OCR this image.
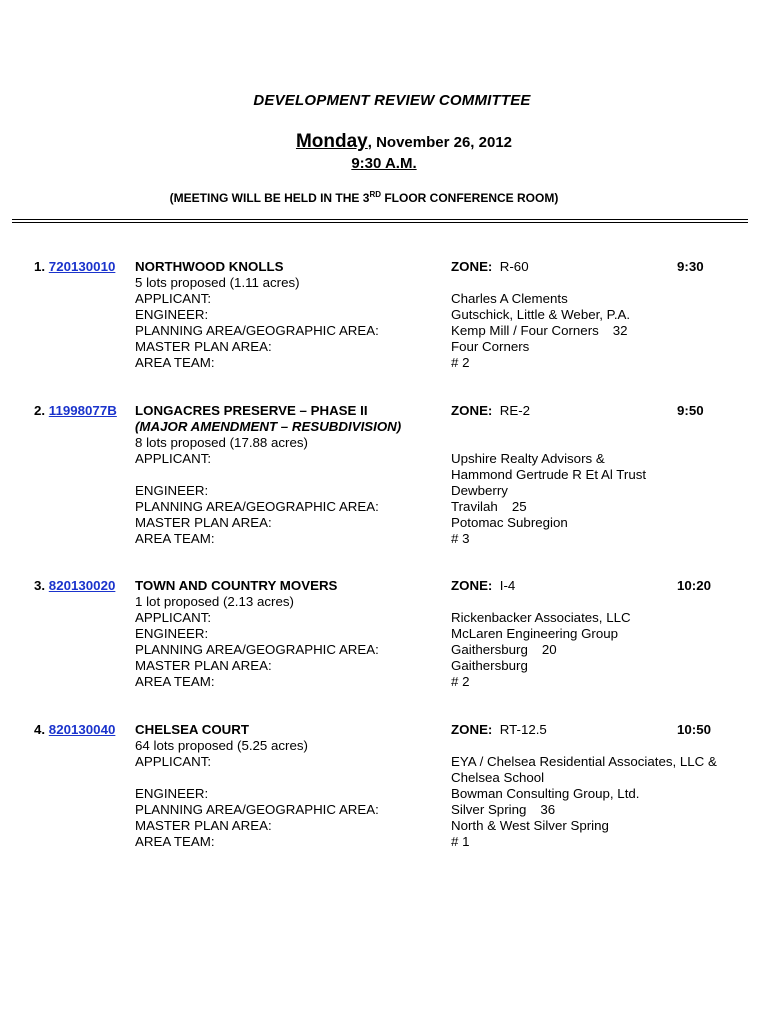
DEVELOPMENT REVIEW COMMITTEE
Monday, November 26, 2012
9:30 A.M.
(MEETING WILL BE HELD IN THE 3RD FLOOR CONFERENCE ROOM)
1. 720130010 NORTHWOOD KNOLLS
5 lots proposed (1.11 acres)
APPLICANT:
ENGINEER:
PLANNING AREA/GEOGRAPHIC AREA:
MASTER PLAN AREA:
AREA TEAM:
ZONE: R-60
Charles A Clements
Gutschick, Little & Weber, P.A.
Kemp Mill / Four Corners 32
Four Corners
# 2
9:30
2. 11998077B LONGACRES PRESERVE – PHASE II
(MAJOR AMENDMENT – RESUBDIVISION)
8 lots proposed (17.88 acres)
APPLICANT:
ENGINEER:
PLANNING AREA/GEOGRAPHIC AREA:
MASTER PLAN AREA:
AREA TEAM:
ZONE: RE-2
Upshire Realty Advisors &
Hammond Gertrude R Et Al Trust
Dewberry
Travilah 25
Potomac Subregion
# 3
9:50
3. 820130020 TOWN AND COUNTRY MOVERS
1 lot proposed (2.13 acres)
APPLICANT:
ENGINEER:
PLANNING AREA/GEOGRAPHIC AREA:
MASTER PLAN AREA:
AREA TEAM:
ZONE: I-4
Rickenbacker Associates, LLC
McLaren Engineering Group
Gaithersburg 20
Gaithersburg
# 2
10:20
4. 820130040 CHELSEA COURT
64 lots proposed (5.25 acres)
APPLICANT:
ENGINEER:
PLANNING AREA/GEOGRAPHIC AREA:
MASTER PLAN AREA:
AREA TEAM:
ZONE: RT-12.5
EYA / Chelsea Residential Associates, LLC &
Chelsea School
Bowman Consulting Group, Ltd.
Silver Spring 36
North & West Silver Spring
# 1
10:50
